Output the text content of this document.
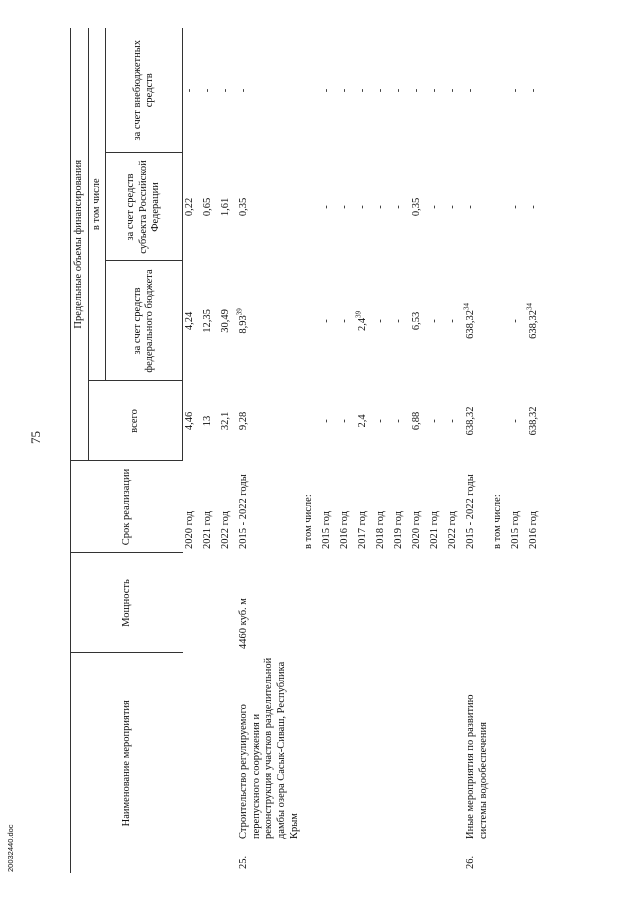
75
20032440.doc
Наименование мероприятия		Мощность	Срок реализации	Предельные объемы финансирования			
				всего	в том числе		
					за счет средств федерального бюджета	за счет средств субъекта Российской Федерации	за счет внебюджетных средств
			2020 год	4,46	4,24	0,22	-
			2021 год	13	12,35	0,65	-
			2022 год	32,1	30,49	1,61	-
25.	Строительство регулируемого перепускного сооружения и реконструкция участков разделительной дамбы озера Сасык-Сиваш, Республика Крым	4460 куб. м	2015 - 2022 годы	9,28	8,93$^{39}$	0,35	-
			в том числе:				
			2015 год	-	-	-	-
			2016 год	-	-	-	-
			2017 год	2,4	$2,4^{39}$	-	-
			2018 год	-	-	-	-
			2019 год	-	-	-	-
			2020 год	6,88	6,53	0,35	-
			2021 год	-	-	-	-
			2022 год	-	-	-	-
26.	Иные мероприятия по развитию системы водообеспечения		2015 - 2022 годы	638,32	638,32$^{34}$	-	-
			в том числе:				
			2015 год	-	-	-	-
			2016 год	638,32	638,32$^{34}$	-	-
